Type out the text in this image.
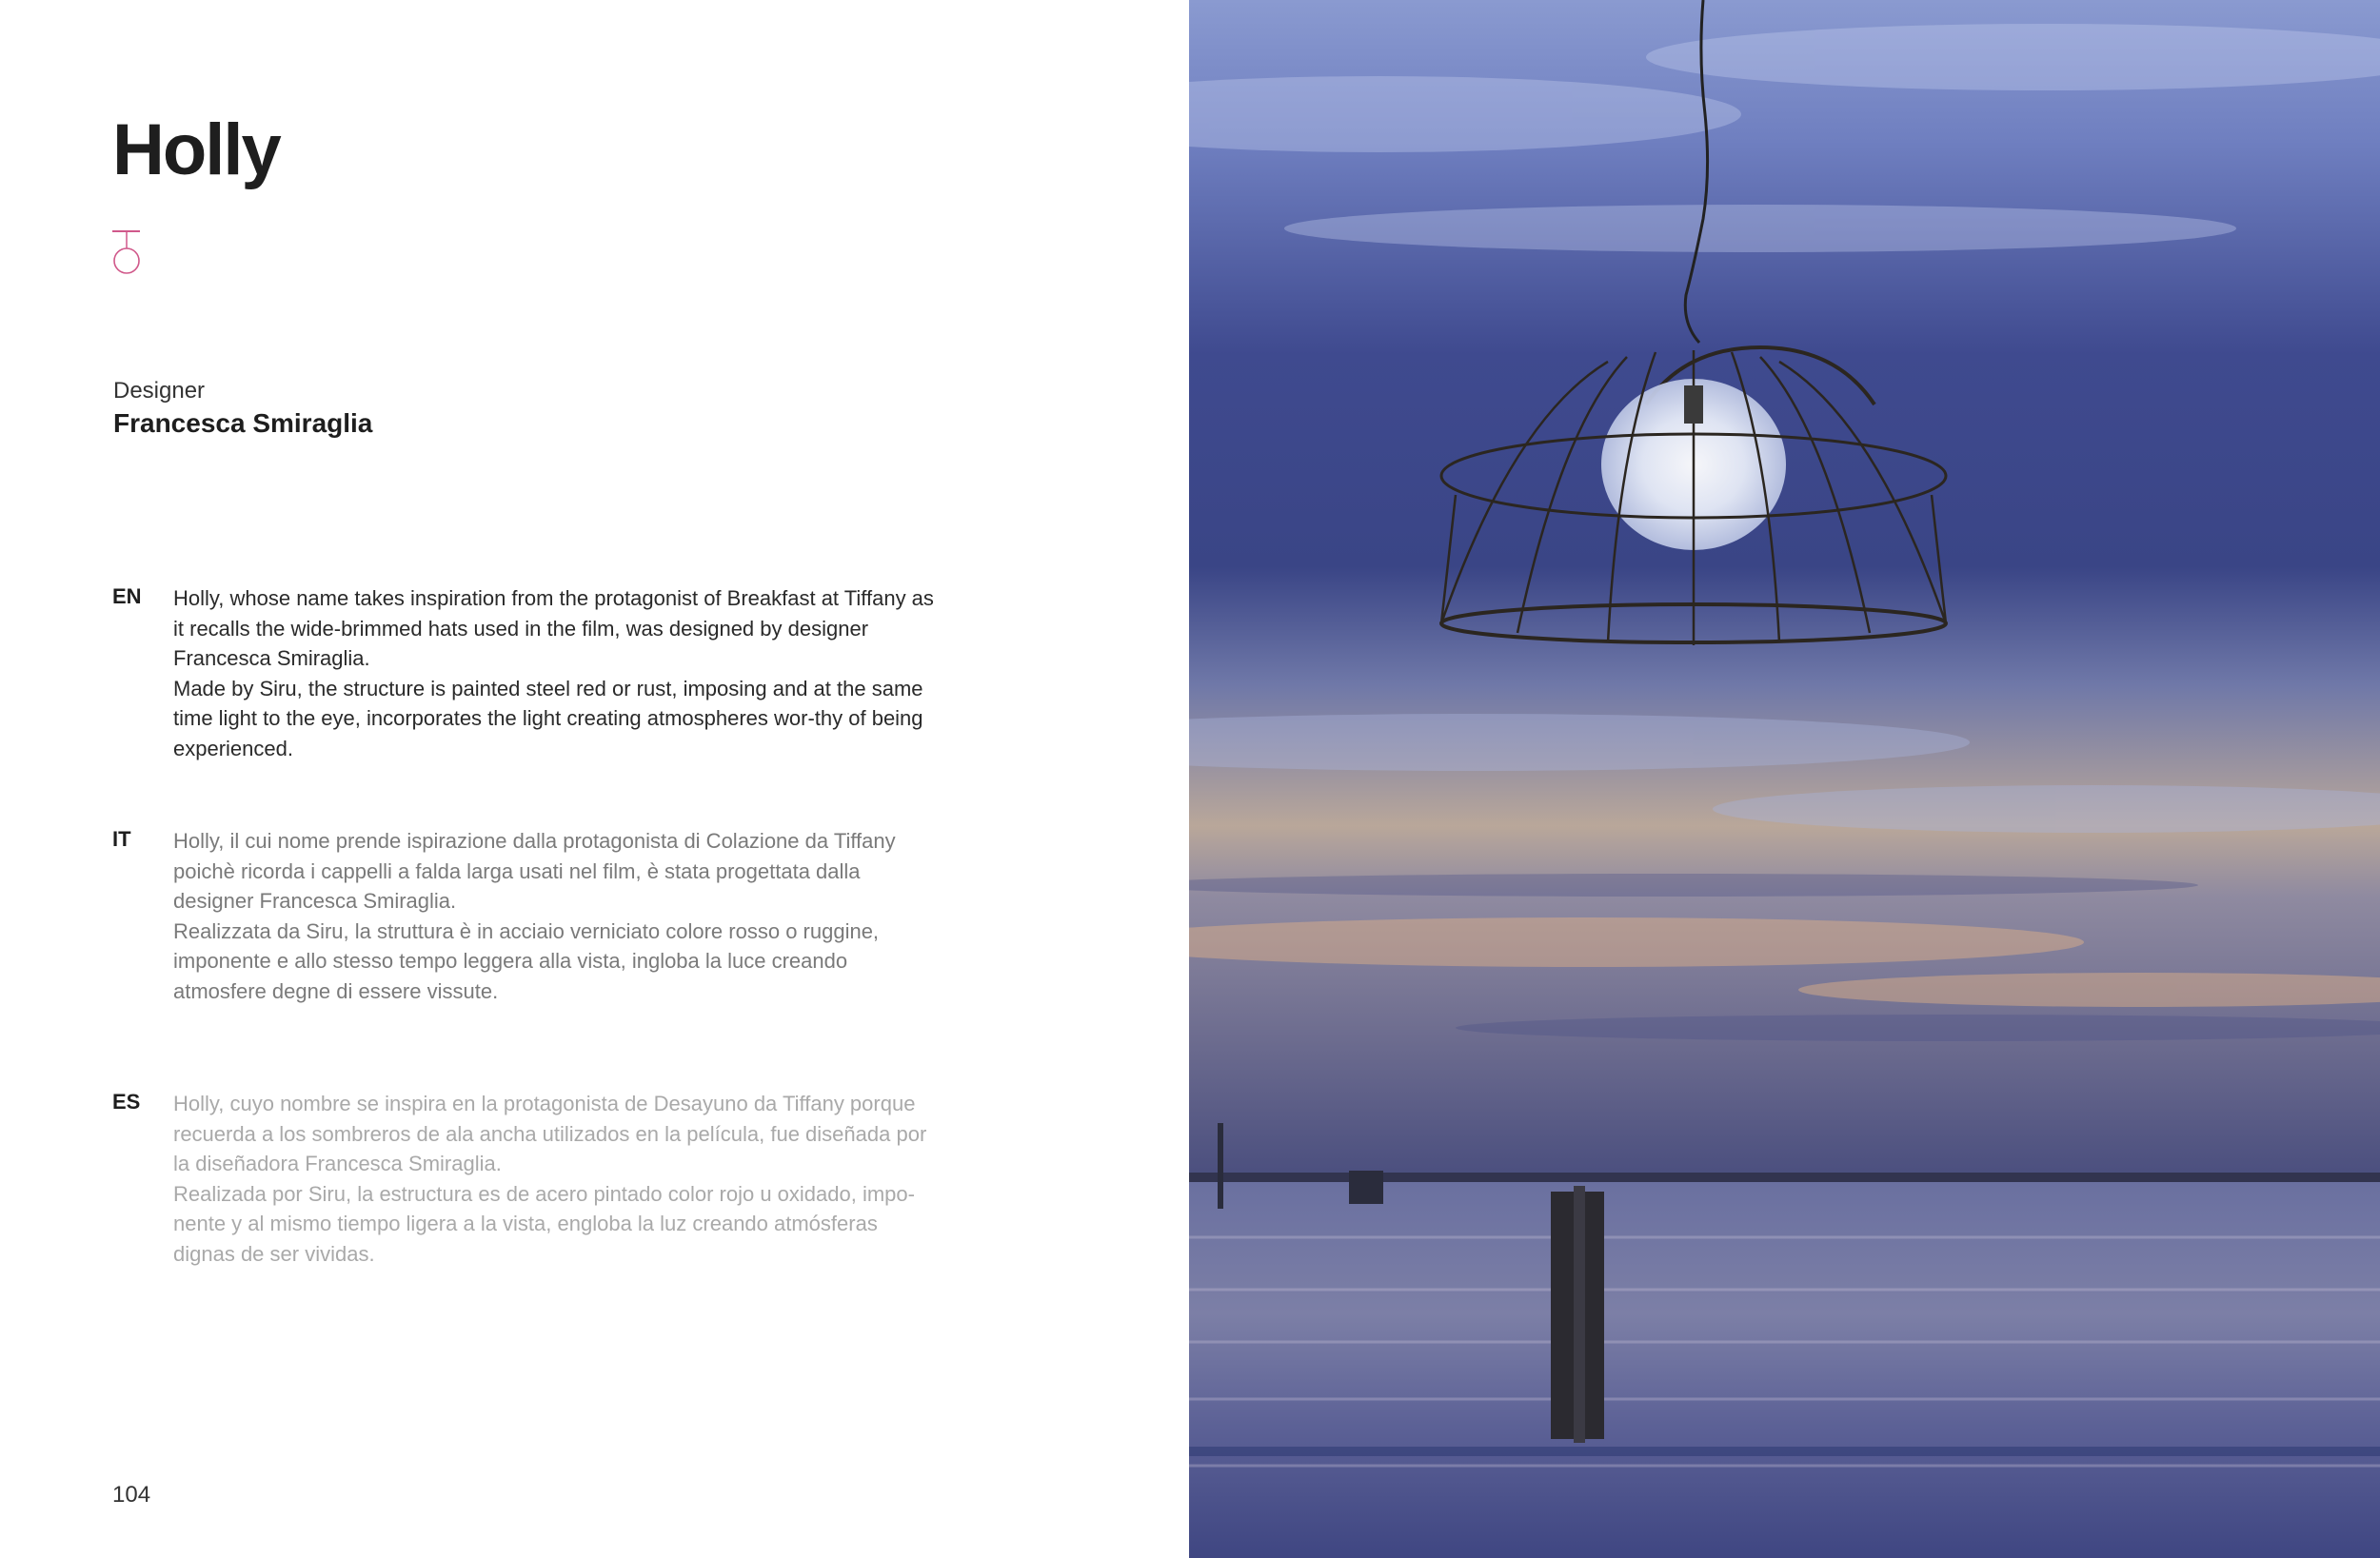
Holly
Designer
Francesca Smiraglia
EN Holly, whose name takes inspiration from the protagonist of Breakfast at Tiffany as it recalls the wide-brimmed hats used in the film, was designed by designer Francesca Smiraglia.

Made by Siru, the structure is painted steel red or rust, imposing and at the same time light to the eye, incorporates the light creating atmospheres wor-thy of being experienced.

IT Holly, il cui nome prende ispirazione dalla protagonista di Colazione da Tiffany poichè ricorda i cappelli a falda larga usati nel film, è stata progettata dalla designer Francesca Smiraglia.

Realizzata da Siru, la struttura è in acciaio verniciato colore rosso o ruggine, imponente e allo stesso tempo leggera alla vista, ingloba la luce creando atmosfere degne di essere vissute.

ES Holly, cuyo nombre se inspira en la protagonista de Desayuno da Tiffany porque recuerda a los sombreros de ala ancha utilizados en la película, fue diseñada por la diseñadora Francesca Smiraglia.

Realizada por Siru, la estructura es de acero pintado color rojo u oxidado, impo-nente y al mismo tiempo ligera a la vista, engloba la luz creando atmósferas dignas de ser vividas.

104
